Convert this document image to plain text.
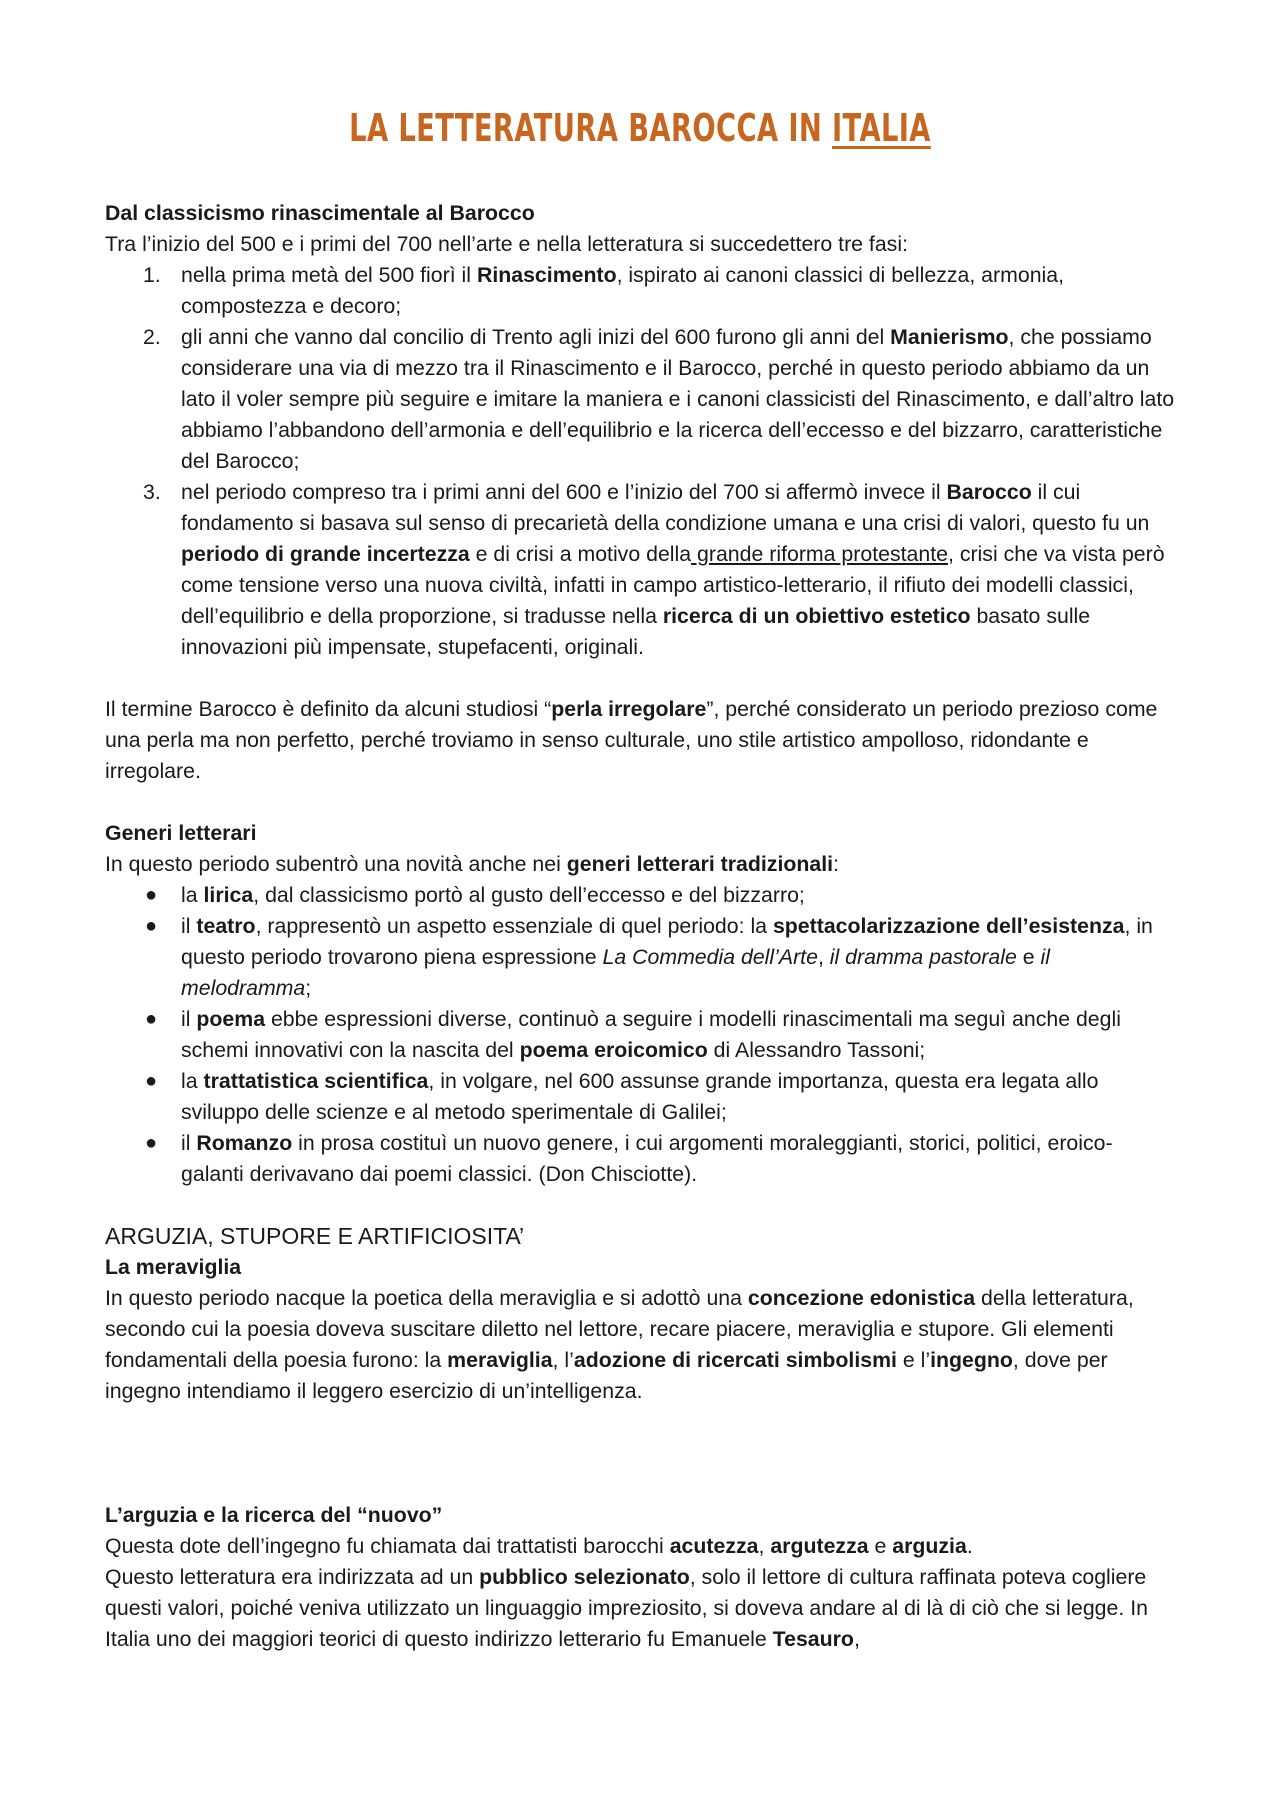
LA LETTERATURA BAROCCA IN ITALIA

Dal classicismo rinascimentale al Barocco

Tra l’inizio del 500 e i primi del 700 nell’arte e nella letteratura si succedettero tre fasi:

1. nella prima metà del 500 fiorì il Rinascimento, ispirato ai canoni classici di bellezza, armonia, compostezza e decoro;
2. gli anni che vanno dal concilio di Trento agli inizi del 600 furono gli anni del Manierismo, che possiamo considerare una via di mezzo tra il Rinascimento e il Barocco, perché in questo periodo abbiamo da un lato il voler sempre più seguire e imitare la maniera e i canoni classicisti del Rinascimento, e dall’altro lato abbiamo l’abbandono dell’armonia e dell’equilibrio e la ricerca dell’eccesso e del bizzarro, caratteristiche del Barocco;
3. nel periodo compreso tra i primi anni del 600 e l’inizio del 700 si affermò invece il Barocco il cui fondamento si basava sul senso di precarietà della condizione umana e una crisi di valori, questo fu un periodo di grande incertezza e di crisi a motivo della grande riforma protestante, crisi che va vista però come tensione verso una nuova civiltà, infatti in campo artistico-letterario, il rifiuto dei modelli classici, dell’equilibrio e della proporzione, si tradusse nella ricerca di un obiettivo estetico basato sulle innovazioni più impensate, stupefacenti, originali.

Il termine Barocco è definito da alcuni studiosi “perla irregolare”, perché considerato un periodo prezioso come una perla ma non perfetto, perché troviamo in senso culturale, uno stile artistico ampolloso, ridondante e irregolare.

Generi letterari

In questo periodo subentrò una novità anche nei generi letterari tradizionali:

● la lirica, dal classicismo portò al gusto dell’eccesso e del bizzarro;
● il teatro, rappresentò un aspetto essenziale di quel periodo: la spettacolarizzazione dell’esistenza, in questo periodo trovarono piena espressione La Commedia dell’Arte, il dramma pastorale e il melodramma;
● il poema ebbe espressioni diverse, continuò a seguire i modelli rinascimentali ma seguì anche degli schemi innovativi con la nascita del poema eroicomico di Alessandro Tassoni;
● la trattatistica scientifica, in volgare, nel 600 assunse grande importanza, questa era legata allo sviluppo delle scienze e al metodo sperimentale di Galilei;
● il Romanzo in prosa costituì un nuovo genere, i cui argomenti moraleggianti, storici, politici, eroico-galanti derivavano dai poemi classici. (Don Chisciotte).

ARGUZIA, STUPORE E ARTIFICIOSITA’

La meraviglia

In questo periodo nacque la poetica della meraviglia e si adottò una concezione edonistica della letteratura, secondo cui la poesia doveva suscitare diletto nel lettore, recare piacere, meraviglia e stupore. Gli elementi fondamentali della poesia furono: la meraviglia, l’adozione di ricercati simbolismi e l’ingegno, dove per ingegno intendiamo il leggero esercizio di un’intelligenza.

L’arguzia e la ricerca del “nuovo”

Questa dote dell’ingegno fu chiamata dai trattatisti barocchi acutezza, argutezza e arguzia.

Questo letteratura era indirizzata ad un pubblico selezionato, solo il lettore di cultura raffinata poteva cogliere questi valori, poiché veniva utilizzato un linguaggio impreziosito, si doveva andare al di là di ciò che si legge. In Italia uno dei maggiori teorici di questo indirizzo letterario fu Emanuele Tesauro,
